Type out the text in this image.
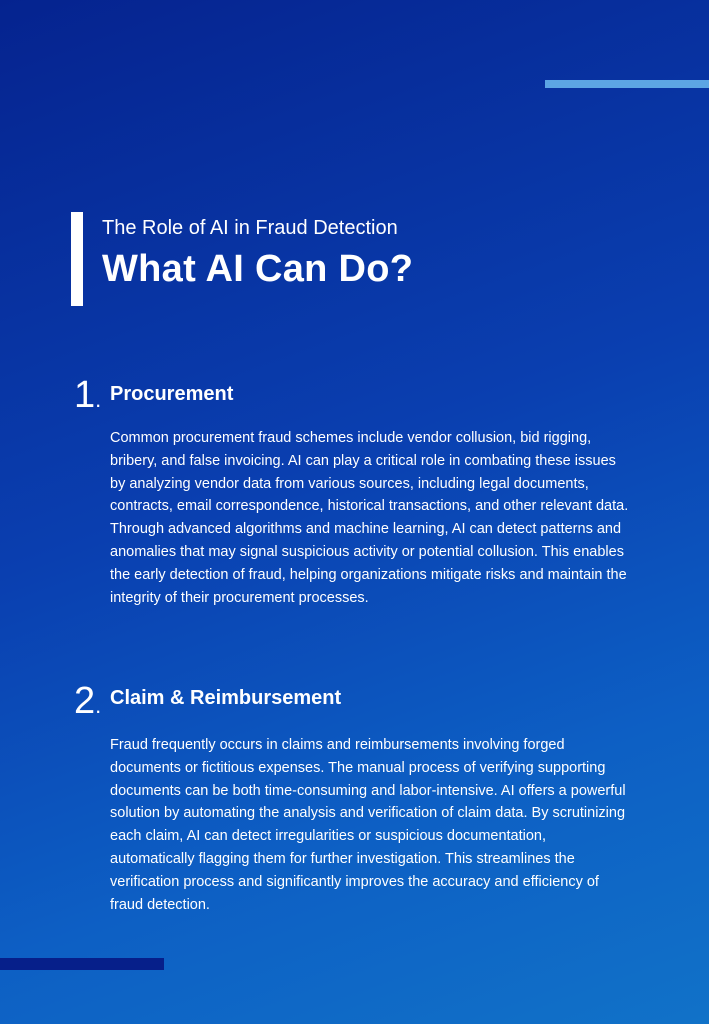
The Role of AI in Fraud Detection
What AI Can Do?
1. Procurement

Common procurement fraud schemes include vendor collusion, bid rigging, bribery, and false invoicing. AI can play a critical role in combating these issues by analyzing vendor data from various sources, including legal documents, contracts, email correspondence, historical transactions, and other relevant data. Through advanced algorithms and machine learning, AI can detect patterns and anomalies that may signal suspicious activity or potential collusion. This enables the early detection of fraud, helping organizations mitigate risks and maintain the integrity of their procurement processes.

2. Claim & Reimbursement

Fraud frequently occurs in claims and reimbursements involving forged documents or fictitious expenses. The manual process of verifying supporting documents can be both time-consuming and labor-intensive. AI offers a powerful solution by automating the analysis and verification of claim data. By scrutinizing each claim, AI can detect irregularities or suspicious documentation, automatically flagging them for further investigation. This streamlines the verification process and significantly improves the accuracy and efficiency of fraud detection.
